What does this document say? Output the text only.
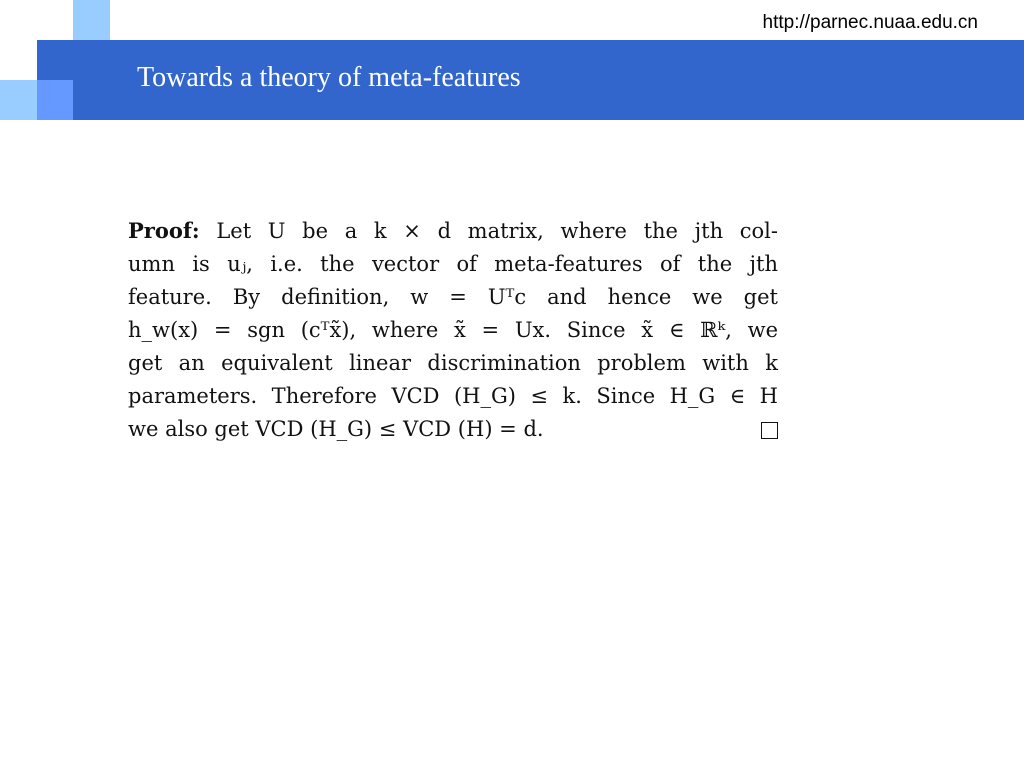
http://parnec.nuaa.edu.cn
Towards a theory of meta-features
Proof: Let U be a k × d matrix, where the jth col-
umn is uⱼ, i.e. the vector of meta-features of the jth
feature. By definition, w = Uᵀc and hence we get
h_w(x) = sgn (cᵀx̃), where x̃ = Ux. Since x̃ ∈ ℝᵏ, we
get an equivalent linear discrimination problem with k
parameters. Therefore VCD (H_G) ≤ k. Since H_G ∈ H
we also get VCD (H_G) ≤ VCD (H) = d.
